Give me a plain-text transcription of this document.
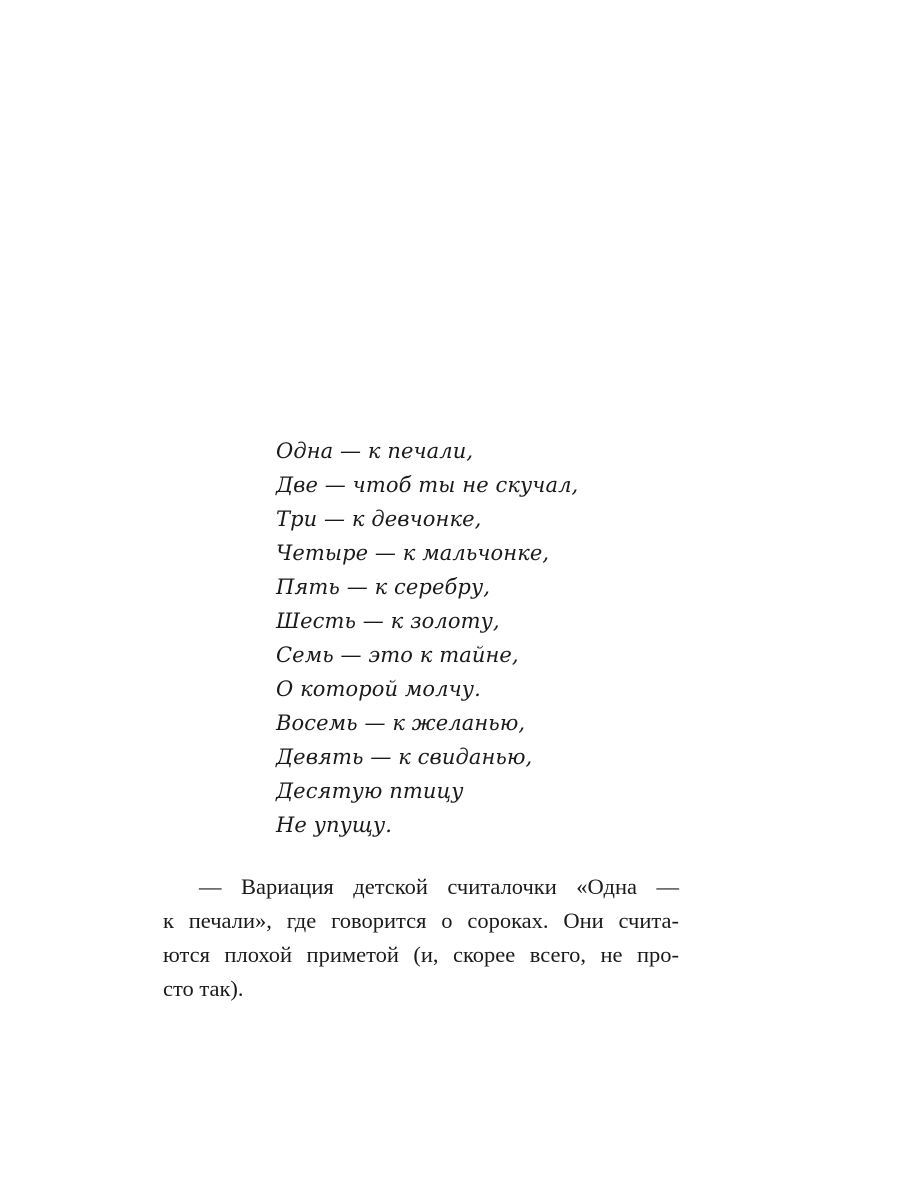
Одна — к печали,
Две — чтоб ты не скучал,
Три — к девчонке,
Четыре — к мальчонке,
Пять — к серебру,
Шесть — к золоту,
Семь — это к тайне,
О которой молчу.
Восемь — к желанью,
Девять — к свиданью,
Десятую птицу
Не упущу.

— Вариация детской считалочки «Одна —
к печали», где говорится о сороках. Они счита-
ются плохой приметой (и, скорее всего, не про-
сто так).
